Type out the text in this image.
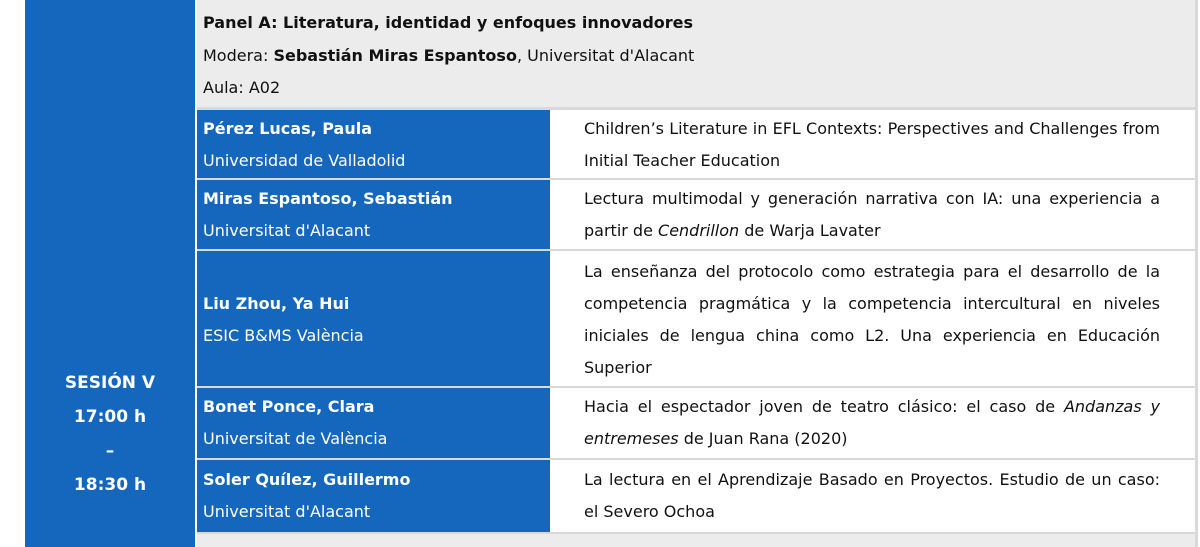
SESIÓN V
17:00 h
–
18:30 h
Panel A: Literatura, identidad y enfoques innovadores
Modera: Sebastián Miras Espantoso, Universitat d'Alacant
Aula: A02
Pérez Lucas, Paula
Universidad de Valladolid
Children’s Literature in EFL Contexts: Perspectives and Challenges from Initial Teacher Education
Miras Espantoso, Sebastián
Universitat d'Alacant
Lectura multimodal y generación narrativa con IA: una experiencia a partir de Cendrillon de Warja Lavater
Liu Zhou, Ya Hui
ESIC B&MS València
La enseñanza del protocolo como estrategia para el desarrollo de la competencia pragmática y la competencia intercultural en niveles iniciales de lengua china como L2. Una experiencia en Educación Superior
Bonet Ponce, Clara
Universitat de València
Hacia el espectador joven de teatro clásico: el caso de Andanzas y entremeses de Juan Rana (2020)
Soler Quílez, Guillermo
Universitat d'Alacant
La lectura en el Aprendizaje Basado en Proyectos. Estudio de un caso: el Severo Ochoa
